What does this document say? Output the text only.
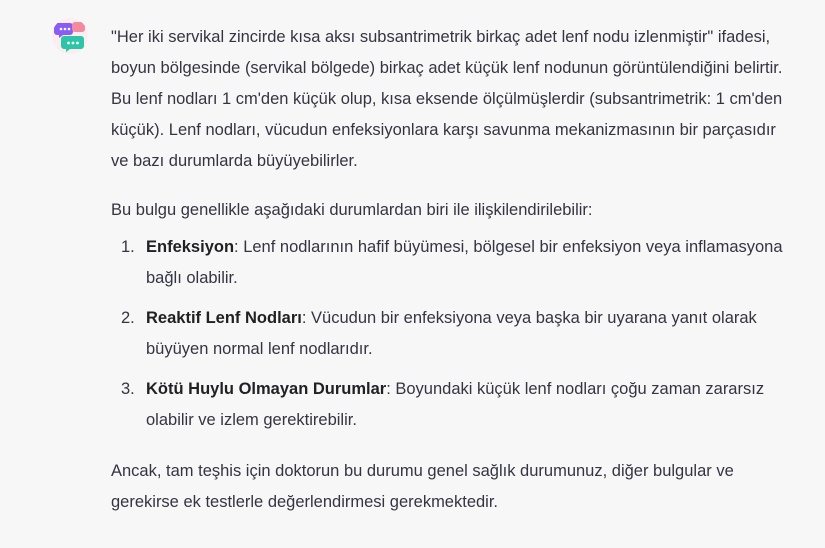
"Her iki servikal zincirde kısa aksı subsantrimetrik birkaç adet lenf nodu izlenmiştir" ifadesi, boyun bölgesinde (servikal bölgede) birkaç adet küçük lenf nodunun görüntülendiğini belirtir. Bu lenf nodları 1 cm'den küçük olup, kısa eksende ölçülmüşlerdir (subsantrimetrik: 1 cm'den küçük). Lenf nodları, vücudun enfeksiyonlara karşı savunma mekanizmasının bir parçasıdır ve bazı durumlarda büyüyebilirler.

Bu bulgu genellikle aşağıdaki durumlardan biri ile ilişkilendirilebilir:

1. Enfeksiyon: Lenf nodlarının hafif büyümesi, bölgesel bir enfeksiyon veya inflamasyona bağlı olabilir.
2. Reaktif Lenf Nodları: Vücudun bir enfeksiyona veya başka bir uyarana yanıt olarak büyüyen normal lenf nodlarıdır.
3. Kötü Huylu Olmayan Durumlar: Boyundaki küçük lenf nodları çoğu zaman zararsız olabilir ve izlem gerektirebilir.

Ancak, tam teşhis için doktorun bu durumu genel sağlık durumunuz, diğer bulgular ve gerekirse ek testlerle değerlendirmesi gerekmektedir.
